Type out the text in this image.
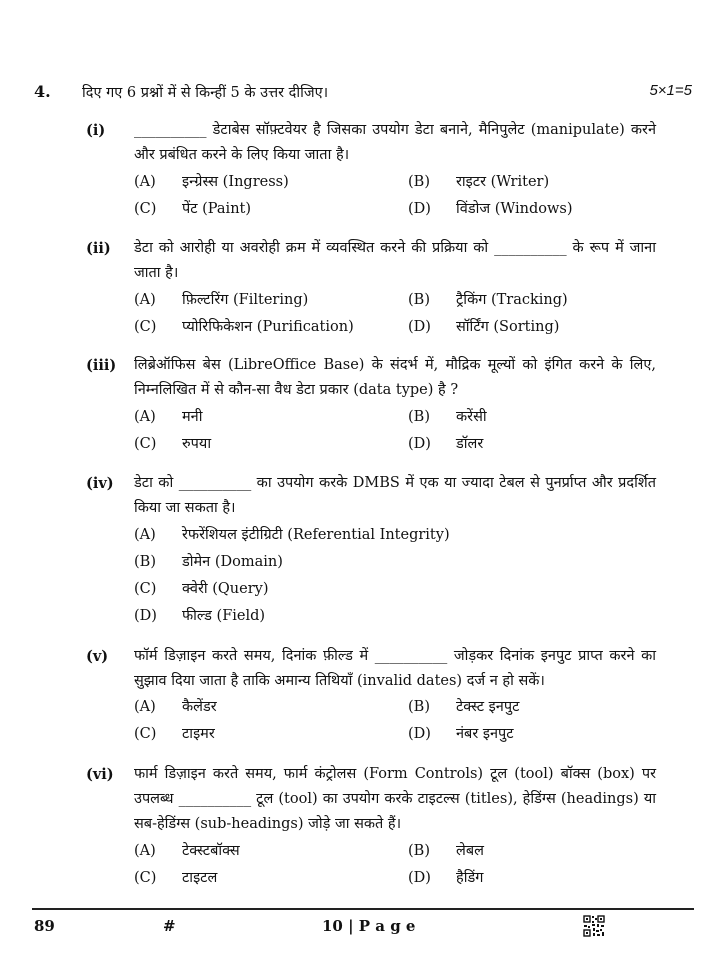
4. दिए गए 6 प्रश्नों में से किन्हीं 5 के उत्तर दीजिए।	5×1=5
(i) __________ डेटाबेस सॉफ़्टवेयर है जिसका उपयोग डेटा बनाने, मैनिपुलेट (manipulate) करने और प्रबंधित करने के लिए किया जाता है।
(A) इन्ग्रेस्स (Ingress)	(B) राइटर (Writer)
(C) पेंट (Paint)	(D) विंडोज (Windows)
(ii) डेटा को आरोही या अवरोही क्रम में व्यवस्थित करने की प्रक्रिया को __________ के रूप में जाना जाता है।
(A) फ़िल्टरिंग (Filtering)	(B) ट्रैकिंग (Tracking)
(C) प्योरिफिकेशन (Purification)	(D) सॉर्टिंग (Sorting)
(iii) लिब्रेऑफिस बेस (LibreOffice Base) के संदर्भ में, मौद्रिक मूल्यों को इंगित करने के लिए, निम्नलिखित में से कौन-सा वैध डेटा प्रकार (data type) है ?
(A) मनी	(B) करेंसी
(C) रुपया	(D) डॉलर
(iv) डेटा को __________ का उपयोग करके DMBS में एक या ज्यादा टेबल से पुनर्प्राप्त और प्रदर्शित किया जा सकता है।
(A) रेफरेंशियल इंटीग्रिटी (Referential Integrity)
(B) डोमेन (Domain)
(C) क्वेरी (Query)
(D) फील्ड (Field)
(v) फॉर्म डिज़ाइन करते समय, दिनांक फ़ील्ड में __________ जोड़कर दिनांक इनपुट प्राप्त करने का सुझाव दिया जाता है ताकि अमान्य तिथियाँ (invalid dates) दर्ज न हो सकें।
(A) कैलेंडर	(B) टेक्स्ट इनपुट
(C) टाइमर	(D) नंबर इनपुट
(vi) फार्म डिज़ाइन करते समय, फार्म कंट्रोलस (Form Controls) टूल (tool) बॉक्स (box) पर उपलब्ध __________ टूल (tool) का उपयोग करके टाइटल्स (titles), हेडिंग्स (headings) या सब-हेडिंग्स (sub-headings) जोड़े जा सकते हैं।
(A) टेक्स्टबॉक्स	(B) लेबल
(C) टाइटल	(D) हैडिंग
89	#	10 | P a g e
